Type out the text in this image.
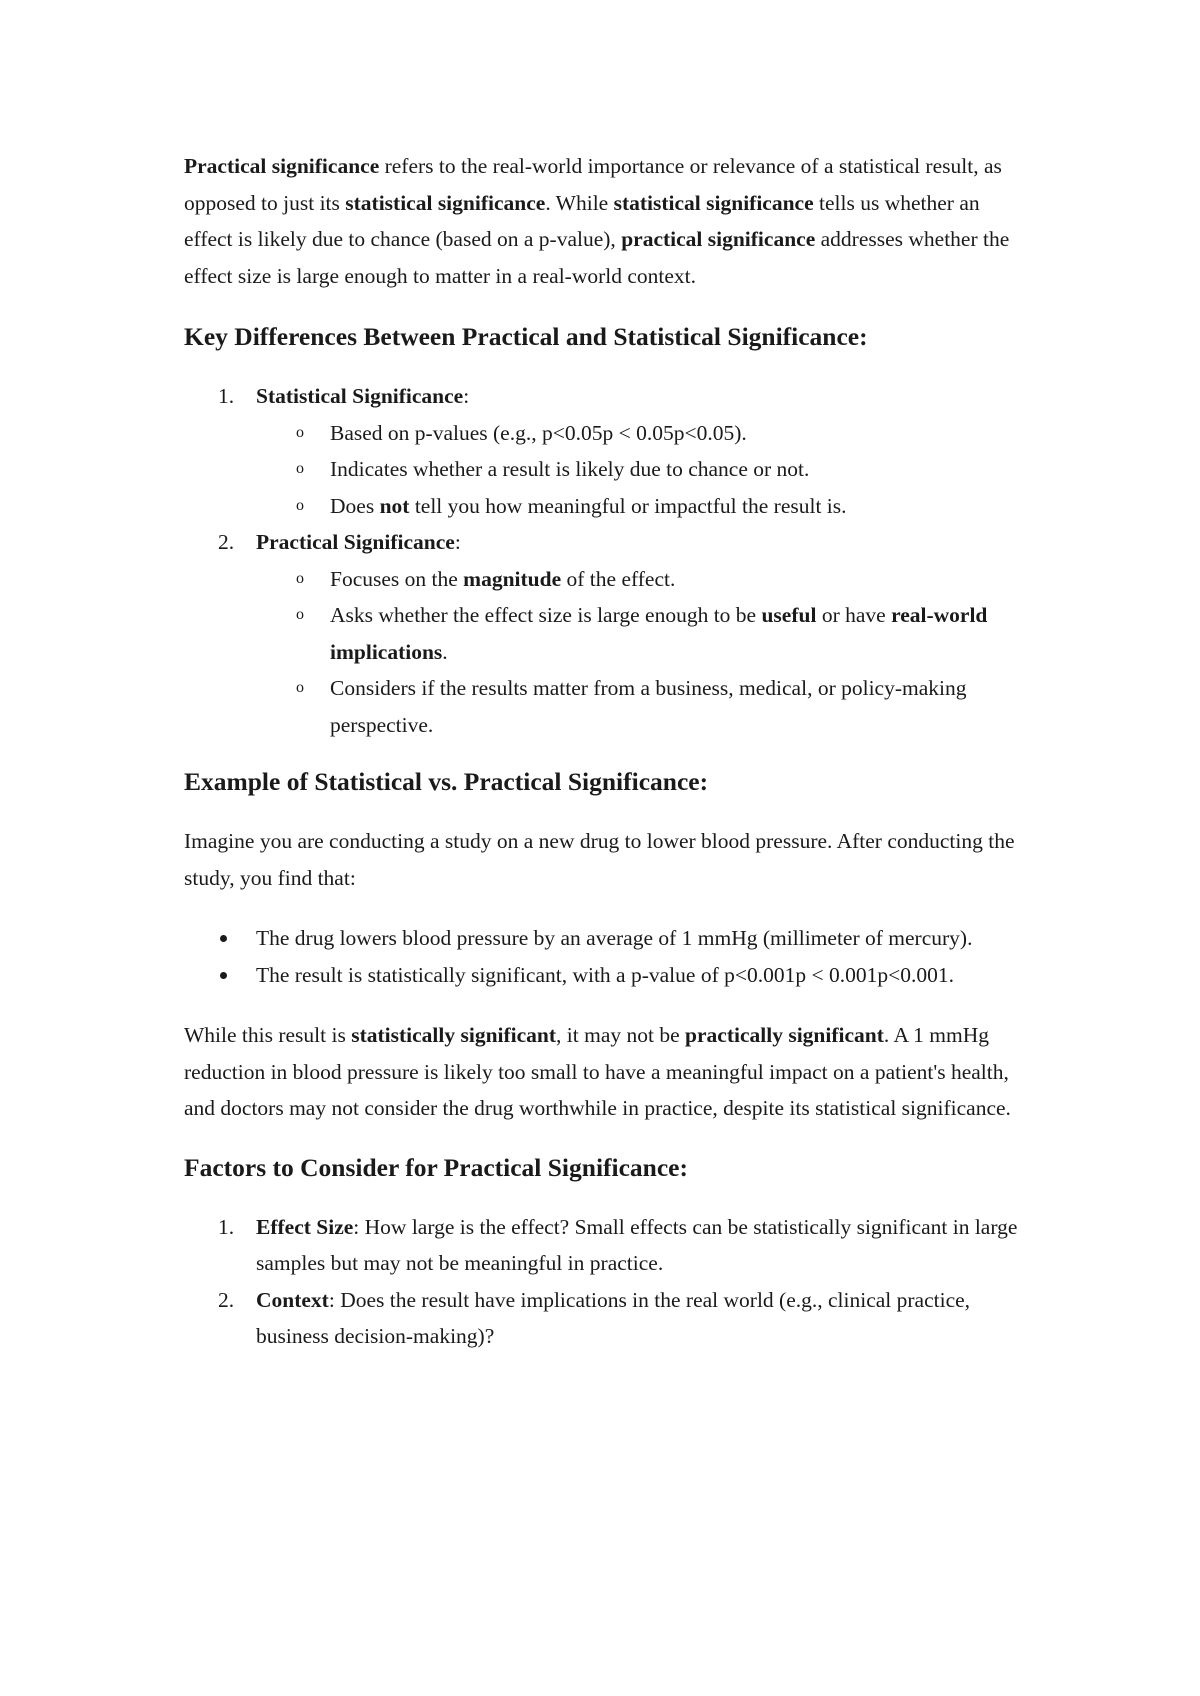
Practical significance refers to the real-world importance or relevance of a statistical result, as opposed to just its statistical significance. While statistical significance tells us whether an effect is likely due to chance (based on a p-value), practical significance addresses whether the effect size is large enough to matter in a real-world context.

Key Differences Between Practical and Statistical Significance:
1. Statistical Significance:
o Based on p-values (e.g., p<0.05p < 0.05p<0.05).
o Indicates whether a result is likely due to chance or not.
o Does not tell you how meaningful or impactful the result is.
2. Practical Significance:
o Focuses on the magnitude of the effect.
o Asks whether the effect size is large enough to be useful or have real-world implications.
o Considers if the results matter from a business, medical, or policy-making perspective.
Example of Statistical vs. Practical Significance:

Imagine you are conducting a study on a new drug to lower blood pressure. After conducting the study, you find that:

The drug lowers blood pressure by an average of 1 mmHg (millimeter of mercury).
The result is statistically significant, with a p-value of p<0.001p < 0.001p<0.001.

While this result is statistically significant, it may not be practically significant. A 1 mmHg reduction in blood pressure is likely too small to have a meaningful impact on a patient's health, and doctors may not consider the drug worthwhile in practice, despite its statistical significance.

Factors to Consider for Practical Significance:
1. Effect Size: How large is the effect? Small effects can be statistically significant in large samples but may not be meaningful in practice.
2. Context: Does the result have implications in the real world (e.g., clinical practice, business decision-making)?
